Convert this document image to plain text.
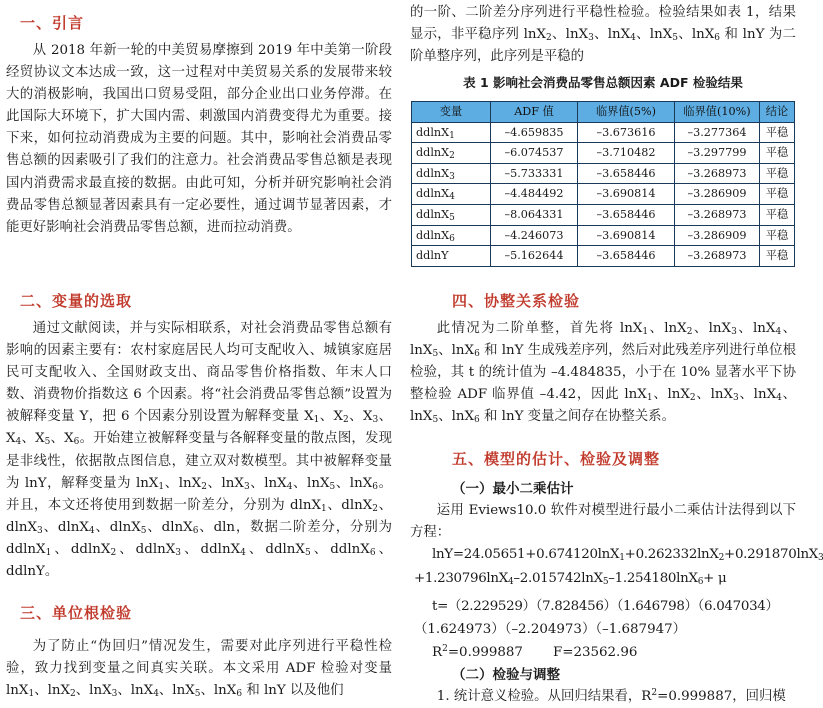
一、引言

从 2018 年新一轮的中美贸易摩擦到 2019 年中美第一阶段经贸协议文本达成一致，这一过程对中美贸易关系的发展带来较大的消极影响，我国出口贸易受阻，部分企业出口业务停滞。在此国际大环境下，扩大国内需、刺激国内消费变得尤为重要。接下来，如何拉动消费成为主要的问题。其中，影响社会消费品零售总额的因素吸引了我们的注意力。社会消费品零售总额是表现国内消费需求最直接的数据。由此可知，分析并研究影响社会消费品零售总额显著因素具有一定必要性，通过调节显著因素，才能更好影响社会消费品零售总额，进而拉动消费。

二、变量的选取

通过文献阅读，并与实际相联系，对社会消费品零售总额有影响的因素主要有：农村家庭居民人均可支配收入、城镇家庭居民可支配收入、全国财政支出、商品零售价格指数、年末人口数、消费物价指数这 6 个因素。将“社会消费品零售总额”设置为被解释变量 Y，把 6 个因素分别设置为解释变量 $X_1$、$X_2$、$X_3$、$X_4$、$X_5$、$X_6$。开始建立被解释变量与各解释变量的散点图，发现是非线性，依据散点图信息，建立双对数模型。其中被解释变量为 lnY，解释变量为 lnX$_1$、lnX$_2$、lnX$_3$、lnX$_4$、lnX$_5$、lnX$_6$。并且，本文还将使用到数据一阶差分，分别为 dlnX$_1$、dlnX$_2$、dlnX$_3$、dlnX$_4$、dlnX$_5$、dlnX$_6$、dln，数据二阶差分，分别为 ddlnX$_1$、ddlnX$_2$、ddlnX$_3$、ddlnX$_4$、ddlnX$_5$、ddlnX$_6$、ddlnY。

三、单位根检验

为了防止“伪回归”情况发生，需要对此序列进行平稳性检验，致力找到变量之间真实关联。本文采用 ADF 检验对变量 lnX$_1$、lnX$_2$、lnX$_3$、lnX$_4$、lnX$_5$、lnX$_6$ 和 lnY 以及他们

的一阶、二阶差分序列进行平稳性检验。检验结果如表 1，结果显示，非平稳序列 lnX$_2$、lnX$_3$、lnX$_4$、lnX$_5$、lnX$_6$ 和 lnY 为二阶单整序列，此序列是平稳的

表 1 影响社会消费品零售总额因素 ADF 检验结果
变量	ADF 值	临界值(5%)	临界值(10%)	结论
ddlnX$_1$	–4.659835	–3.673616	–3.277364	平稳
ddlnX$_2$	–6.074537	–3.710482	–3.297799	平稳
ddlnX$_3$	–5.733331	–3.658446	–3.268973	平稳
ddlnX$_4$	–4.484492	–3.690814	–3.286909	平稳
ddlnX$_5$	–8.064331	–3.658446	–3.268973	平稳
ddlnX$_6$	–4.246073	–3.690814	–3.286909	平稳
ddlnY	–5.162644	–3.658446	–3.268973	平稳
四、协整关系检验

此情况为二阶单整，首先将 lnX$_1$、lnX$_2$、lnX$_3$、lnX$_4$、lnX$_5$、lnX$_6$ 和 lnY 生成残差序列，然后对此残差序列进行单位根检验，其 t 的统计值为 –4.484835，小于在 10% 显著水平下协整检验 ADF 临界值 –4.42，因此 lnX$_1$、lnX$_2$、lnX$_3$、lnX$_4$、lnX$_5$、lnX$_6$ 和 lnY 变量之间存在协整关系。

五、模型的估计、检验及调整
（一）最小二乘估计

运用 Eviews10.0 软件对模型进行最小二乘估计法得到以下方程：

lnY=24.05651+0.674120lnX$_1$+0.262332lnX$_2$+0.291870lnX$_3$

+1.230796lnX$_4$–2.015742lnX$_5$–1.254180lnX$_6$+ μ

t=（2.229529）（7.828456）（1.646798）（6.047034）

（1.624973）（–2.204973）（–1.687947）

$R^2=0.999887$ F=23562.96

（二）检验与调整

1. 统计意义检验。从回归结果看，$R^2=0.999887$，回归模
